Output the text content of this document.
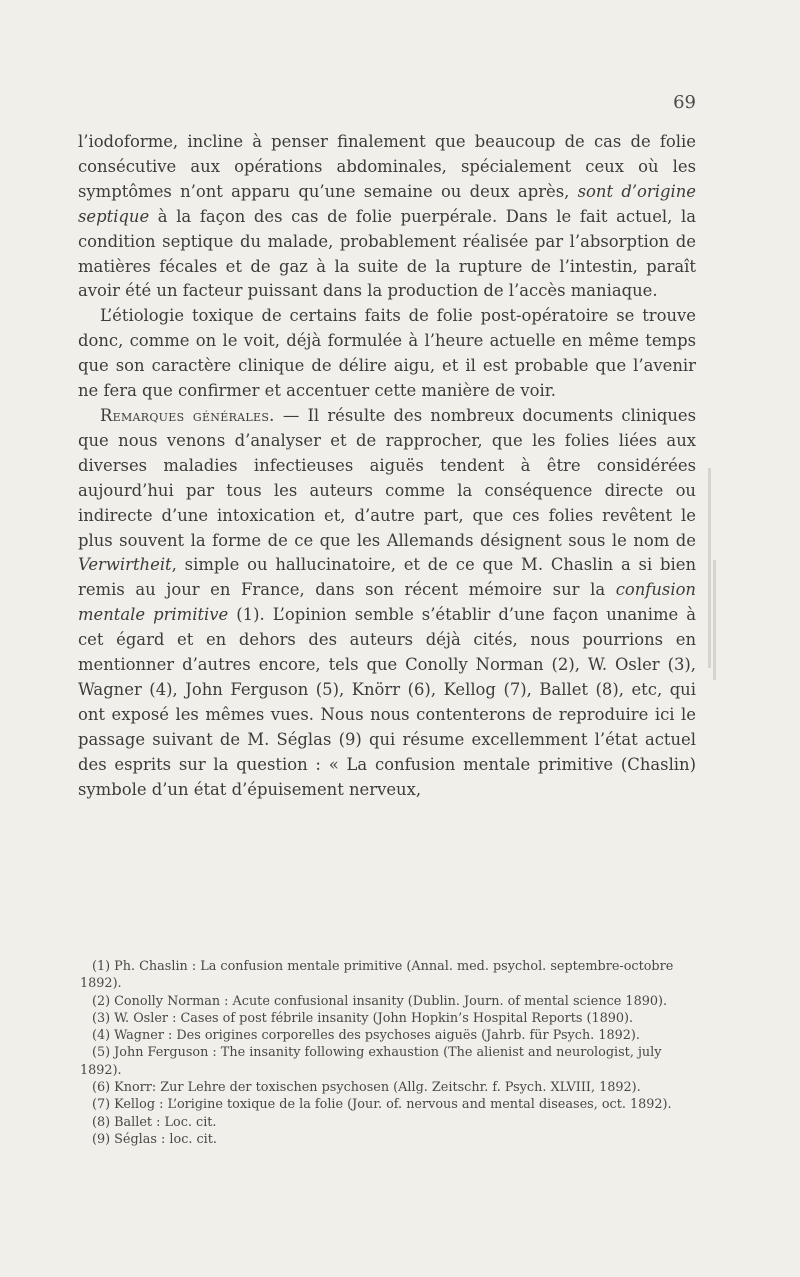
69

l’iodoforme, incline à penser finalement que beaucoup de cas de folie consécutive aux opérations abdominales, spécialement ceux où les symptômes n’ont apparu qu’une semaine ou deux après, sont d’origine septique à la façon des cas de folie puerpérale. Dans le fait actuel, la condition septique du malade, probablement réalisée par l’absorption de matières fécales et de gaz à la suite de la rupture de l’intestin, paraît avoir été un facteur puissant dans la production de l’accès maniaque.

L’étiologie toxique de certains faits de folie post-opératoire se trouve donc, comme on le voit, déjà formulée à l’heure actuelle en même temps que son caractère clinique de délire aigu, et il est probable que l’avenir ne fera que confirmer et accentuer cette manière de voir.

Remarques générales. — Il résulte des nombreux documents cliniques que nous venons d’analyser et de rapprocher, que les folies liées aux diverses maladies infectieuses aiguës tendent à être considérées aujourd’hui par tous les auteurs comme la conséquence directe ou indirecte d’une intoxication et, d’autre part, que ces folies revêtent le plus souvent la forme de ce que les Allemands désignent sous le nom de Verwirtheit, simple ou hallucinatoire, et de ce que M. Chaslin a si bien remis au jour en France, dans son récent mémoire sur la confusion mentale primitive (1). L’opinion semble s’établir d’une façon unanime à cet égard et en dehors des auteurs déjà cités, nous pourrions en mentionner d’autres encore, tels que Conolly Norman (2), W. Osler (3), Wagner (4), John Ferguson (5), Knörr (6), Kellog (7), Ballet (8), etc, qui ont exposé les mêmes vues. Nous nous contenterons de reproduire ici le passage suivant de M. Séglas (9) qui résume excellemment l’état actuel des esprits sur la question : « La confusion mentale primitive (Chaslin) symbole d’un état d’épuisement nerveux,

(1) Ph. Chaslin : La confusion mentale primitive (Annal. med. psychol. septembre-octobre 1892).

(2) Conolly Norman : Acute confusional insanity (Dublin. Journ. of mental science 1890).

(3) W. Osler : Cases of post fébrile insanity (John Hopkin’s Hospital Reports (1890).

(4) Wagner : Des origines corporelles des psychoses aiguës (Jahrb. für Psych. 1892).

(5) John Ferguson : The insanity following exhaustion (The alienist and neurologist, july 1892).

(6) Knorr: Zur Lehre der toxischen psychosen (Allg. Zeitschr. f. Psych. XLVIII, 1892).

(7) Kellog : L’origine toxique de la folie (Jour. of. nervous and mental diseases, oct. 1892).

(8) Ballet : Loc. cit.

(9) Séglas : loc. cit.
